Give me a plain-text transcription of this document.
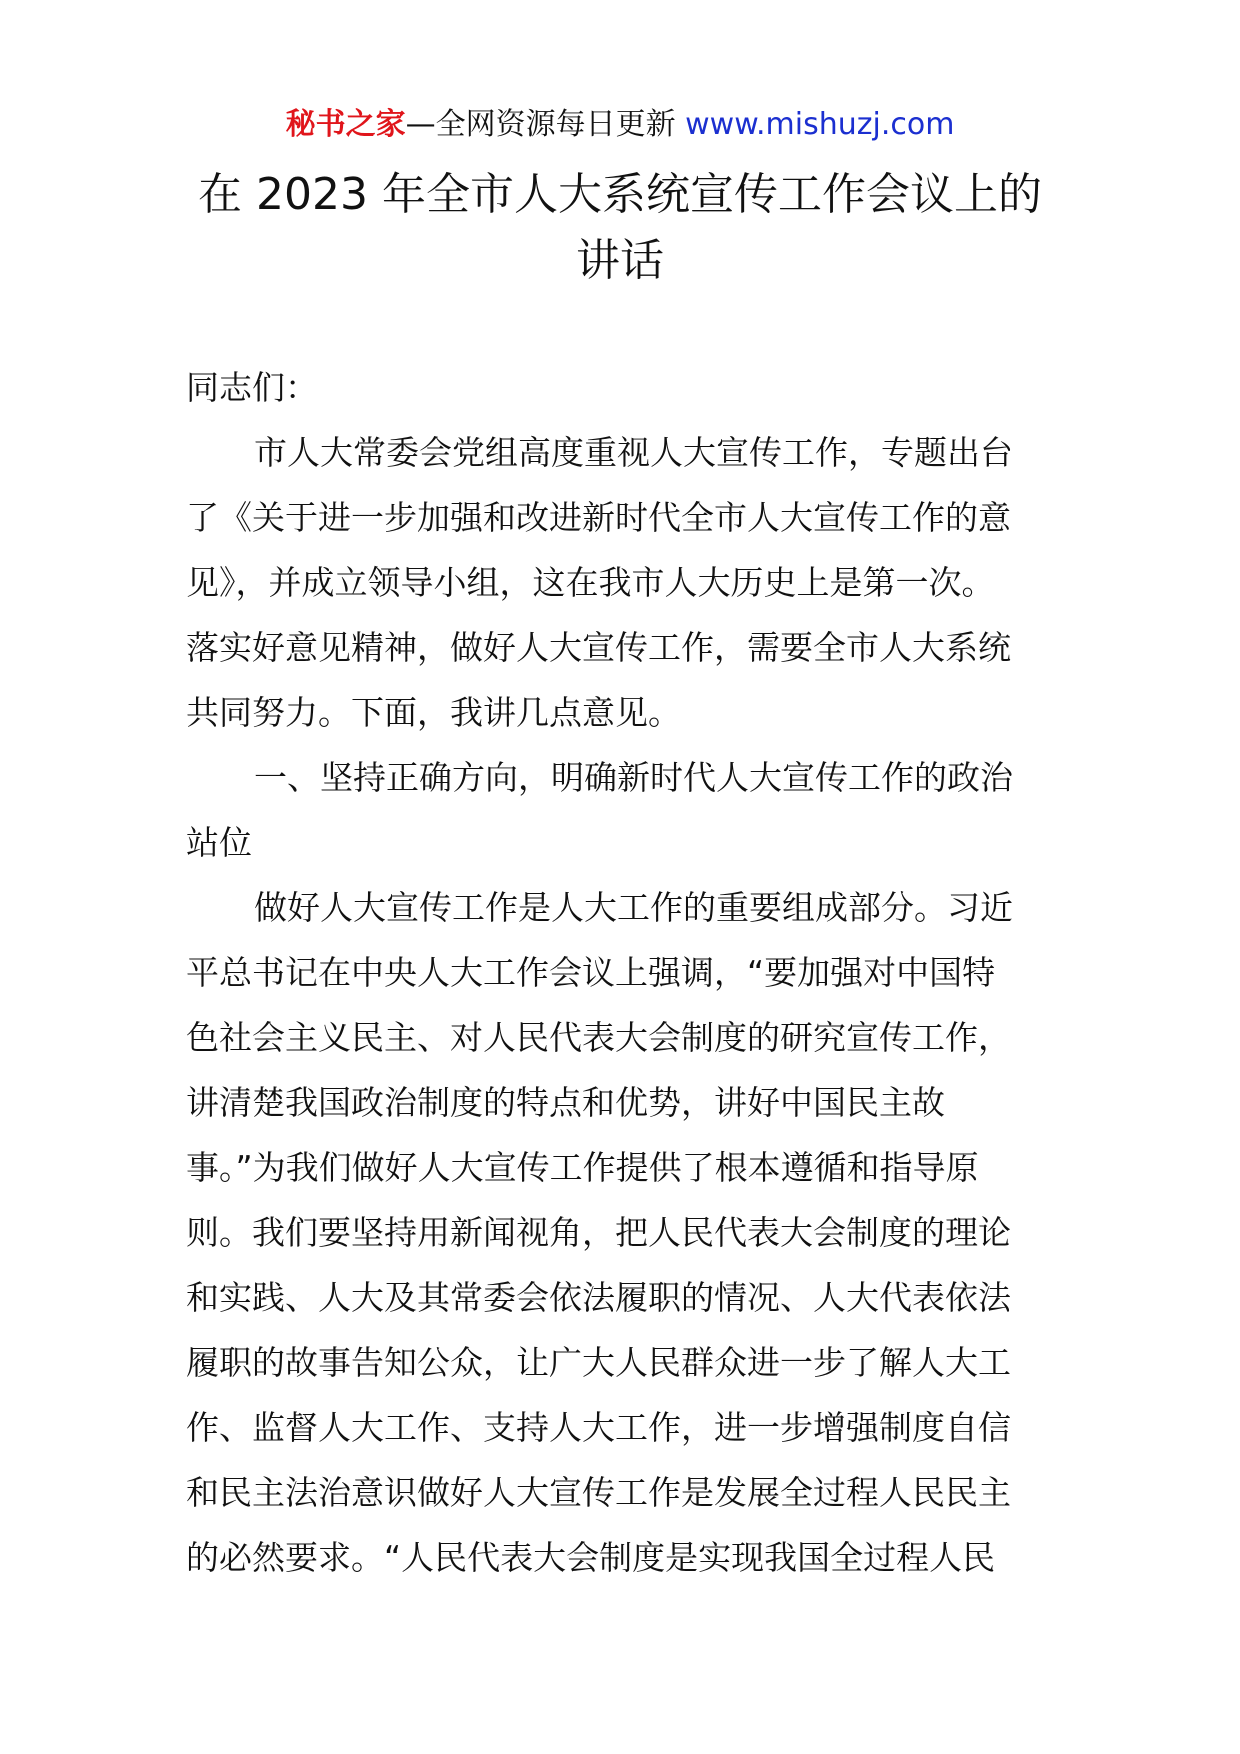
秘书之家—全网资源每日更新 www.mishuzj.com
在 2023 年全市人大系统宣传工作会议上的
讲话
同志们：
市人大常委会党组高度重视人大宣传工作，专题出台
了《关于进一步加强和改进新时代全市人大宣传工作的意
见》，并成立领导小组，这在我市人大历史上是第一次。
落实好意见精神，做好人大宣传工作，需要全市人大系统
共同努力。下面，我讲几点意见。
一、坚持正确方向，明确新时代人大宣传工作的政治
站位
做好人大宣传工作是人大工作的重要组成部分。习近
平总书记在中央人大工作会议上强调，“要加强对中国特
色社会主义民主、对人民代表大会制度的研究宣传工作，
讲清楚我国政治制度的特点和优势，讲好中国民主故
事。”为我们做好人大宣传工作提供了根本遵循和指导原
则。我们要坚持用新闻视角，把人民代表大会制度的理论
和实践、人大及其常委会依法履职的情况、人大代表依法
履职的故事告知公众，让广大人民群众进一步了解人大工
作、监督人大工作、支持人大工作，进一步增强制度自信
和民主法治意识做好人大宣传工作是发展全过程人民民主
的必然要求。“人民代表大会制度是实现我国全过程人民
